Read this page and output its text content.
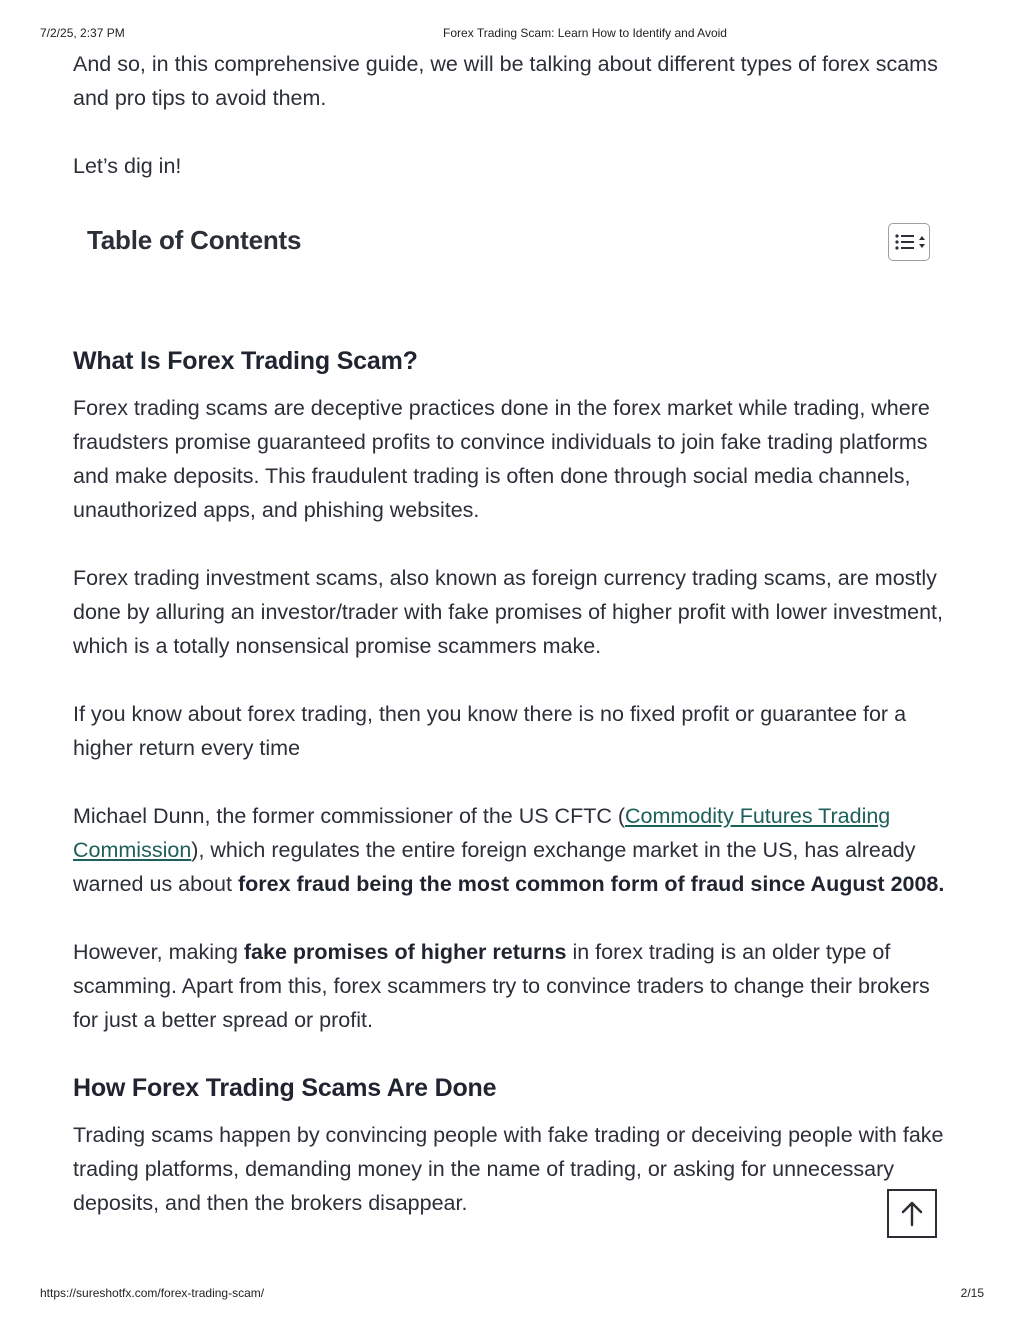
7/2/25, 2:37 PM	Forex Trading Scam: Learn How to Identify and Avoid

And so, in this comprehensive guide, we will be talking about different types of forex scams and pro tips to avoid them.

Let’s dig in!

Table of Contents
What Is Forex Trading Scam?

Forex trading scams are deceptive practices done in the forex market while trading, where fraudsters promise guaranteed profits to convince individuals to join fake trading platforms and make deposits. This fraudulent trading is often done through social media channels, unauthorized apps, and phishing websites.

Forex trading investment scams, also known as foreign currency trading scams, are mostly done by alluring an investor/trader with fake promises of higher profit with lower investment, which is a totally nonsensical promise scammers make.

If you know about forex trading, then you know there is no fixed profit or guarantee for a higher return every time

Michael Dunn, the former commissioner of the US CFTC (Commodity Futures Trading Commission), which regulates the entire foreign exchange market in the US, has already warned us about forex fraud being the most common form of fraud since August 2008.

However, making fake promises of higher returns in forex trading is an older type of scamming. Apart from this, forex scammers try to convince traders to change their brokers for just a better spread or profit.

How Forex Trading Scams Are Done

Trading scams happen by convincing people with fake trading or deceiving people with fake trading platforms, demanding money in the name of trading, or asking for unnecessary deposits, and then the brokers disappear.

https://sureshotfx.com/forex-trading-scam/	2/15
